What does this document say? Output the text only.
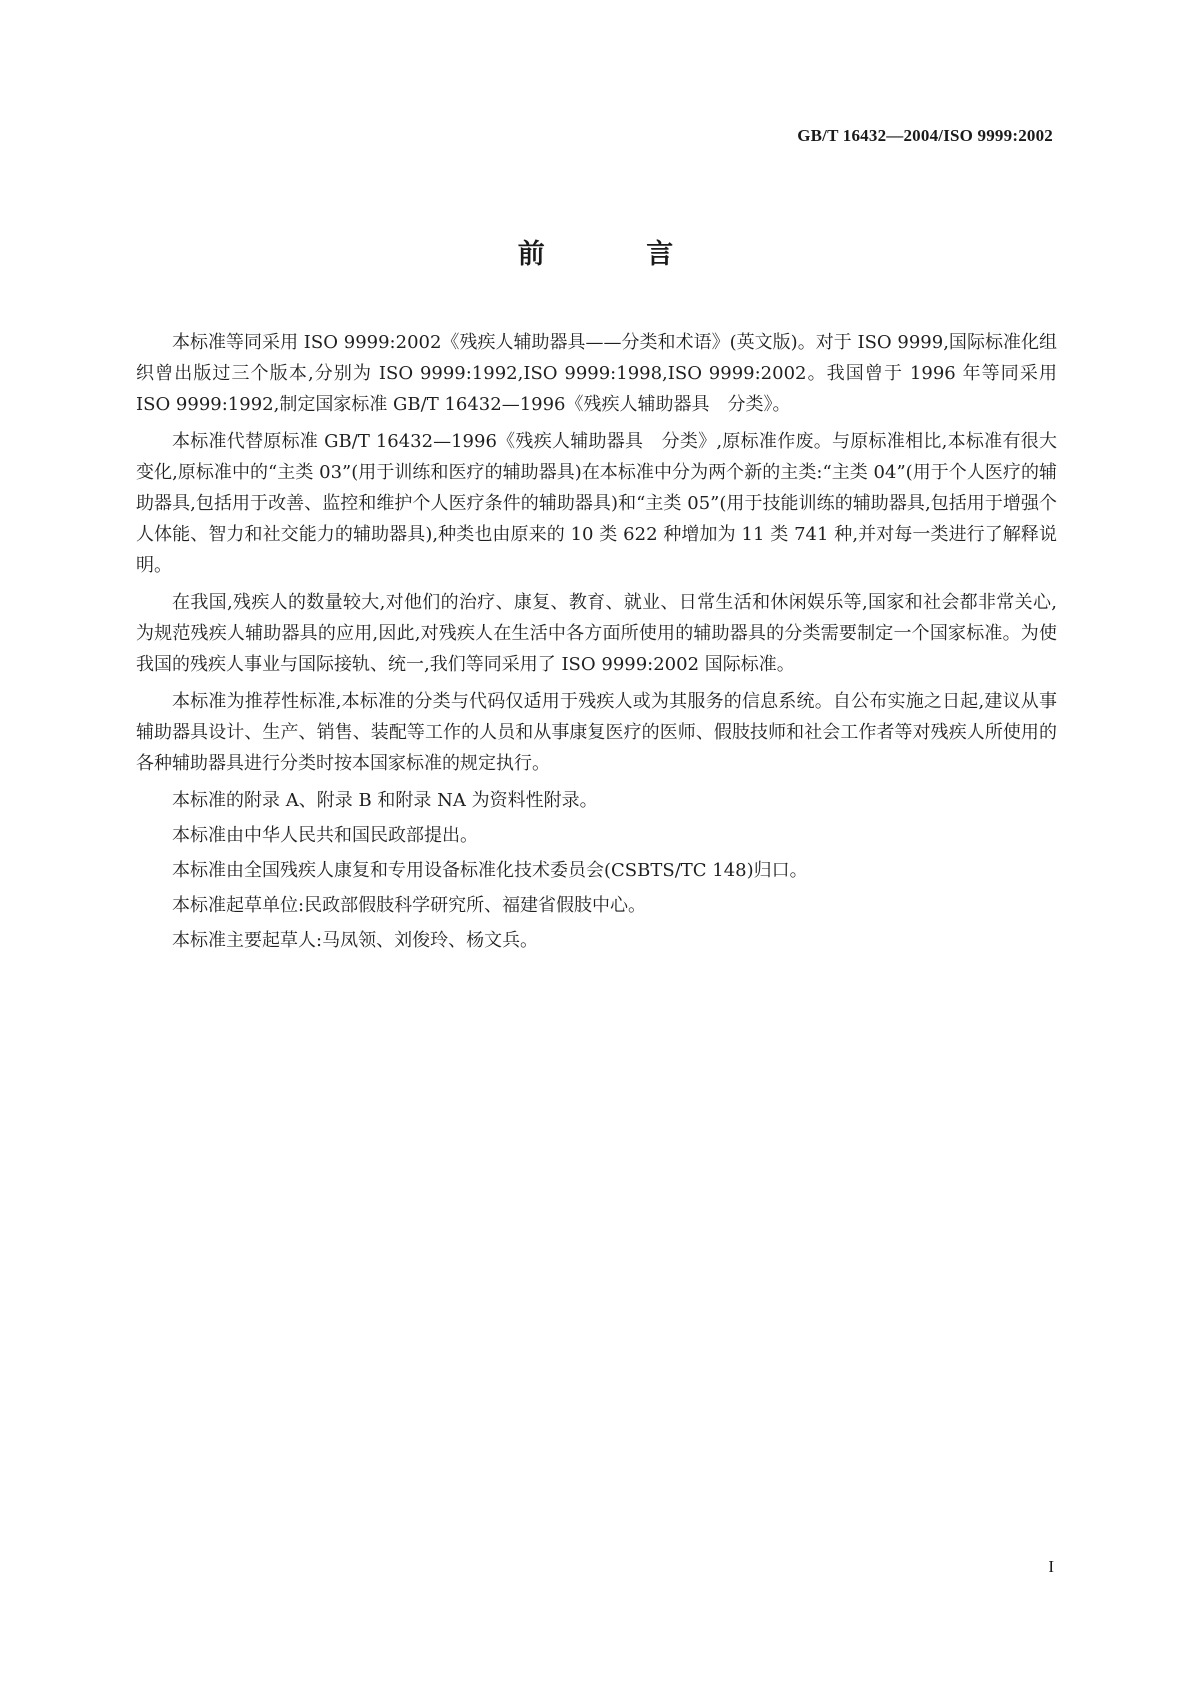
GB/T 16432—2004/ISO 9999:2002
前 言

本标准等同采用 ISO 9999:2002《残疾人辅助器具——分类和术语》(英文版)。对于 ISO 9999,国际标准化组织曾出版过三个版本,分别为 ISO 9999:1992,ISO 9999:1998,ISO 9999:2002。我国曾于 1996 年等同采用 ISO 9999:1992,制定国家标准 GB/T 16432—1996《残疾人辅助器具　分类》。

本标准代替原标准 GB/T 16432—1996《残疾人辅助器具　分类》,原标准作废。与原标准相比,本标准有很大变化,原标准中的“主类 03”(用于训练和医疗的辅助器具)在本标准中分为两个新的主类:“主类 04”(用于个人医疗的辅助器具,包括用于改善、监控和维护个人医疗条件的辅助器具)和“主类 05”(用于技能训练的辅助器具,包括用于增强个人体能、智力和社交能力的辅助器具),种类也由原来的 10 类 622 种增加为 11 类 741 种,并对每一类进行了解释说明。

在我国,残疾人的数量较大,对他们的治疗、康复、教育、就业、日常生活和休闲娱乐等,国家和社会都非常关心,为规范残疾人辅助器具的应用,因此,对残疾人在生活中各方面所使用的辅助器具的分类需要制定一个国家标准。为使我国的残疾人事业与国际接轨、统一,我们等同采用了 ISO 9999:2002 国际标准。

本标准为推荐性标准,本标准的分类与代码仅适用于残疾人或为其服务的信息系统。自公布实施之日起,建议从事辅助器具设计、生产、销售、装配等工作的人员和从事康复医疗的医师、假肢技师和社会工作者等对残疾人所使用的各种辅助器具进行分类时按本国家标准的规定执行。

本标准的附录 A、附录 B 和附录 NA 为资料性附录。

本标准由中华人民共和国民政部提出。

本标准由全国残疾人康复和专用设备标准化技术委员会(CSBTS/TC 148)归口。

本标准起草单位:民政部假肢科学研究所、福建省假肢中心。

本标准主要起草人:马凤领、刘俊玲、杨文兵。

I
